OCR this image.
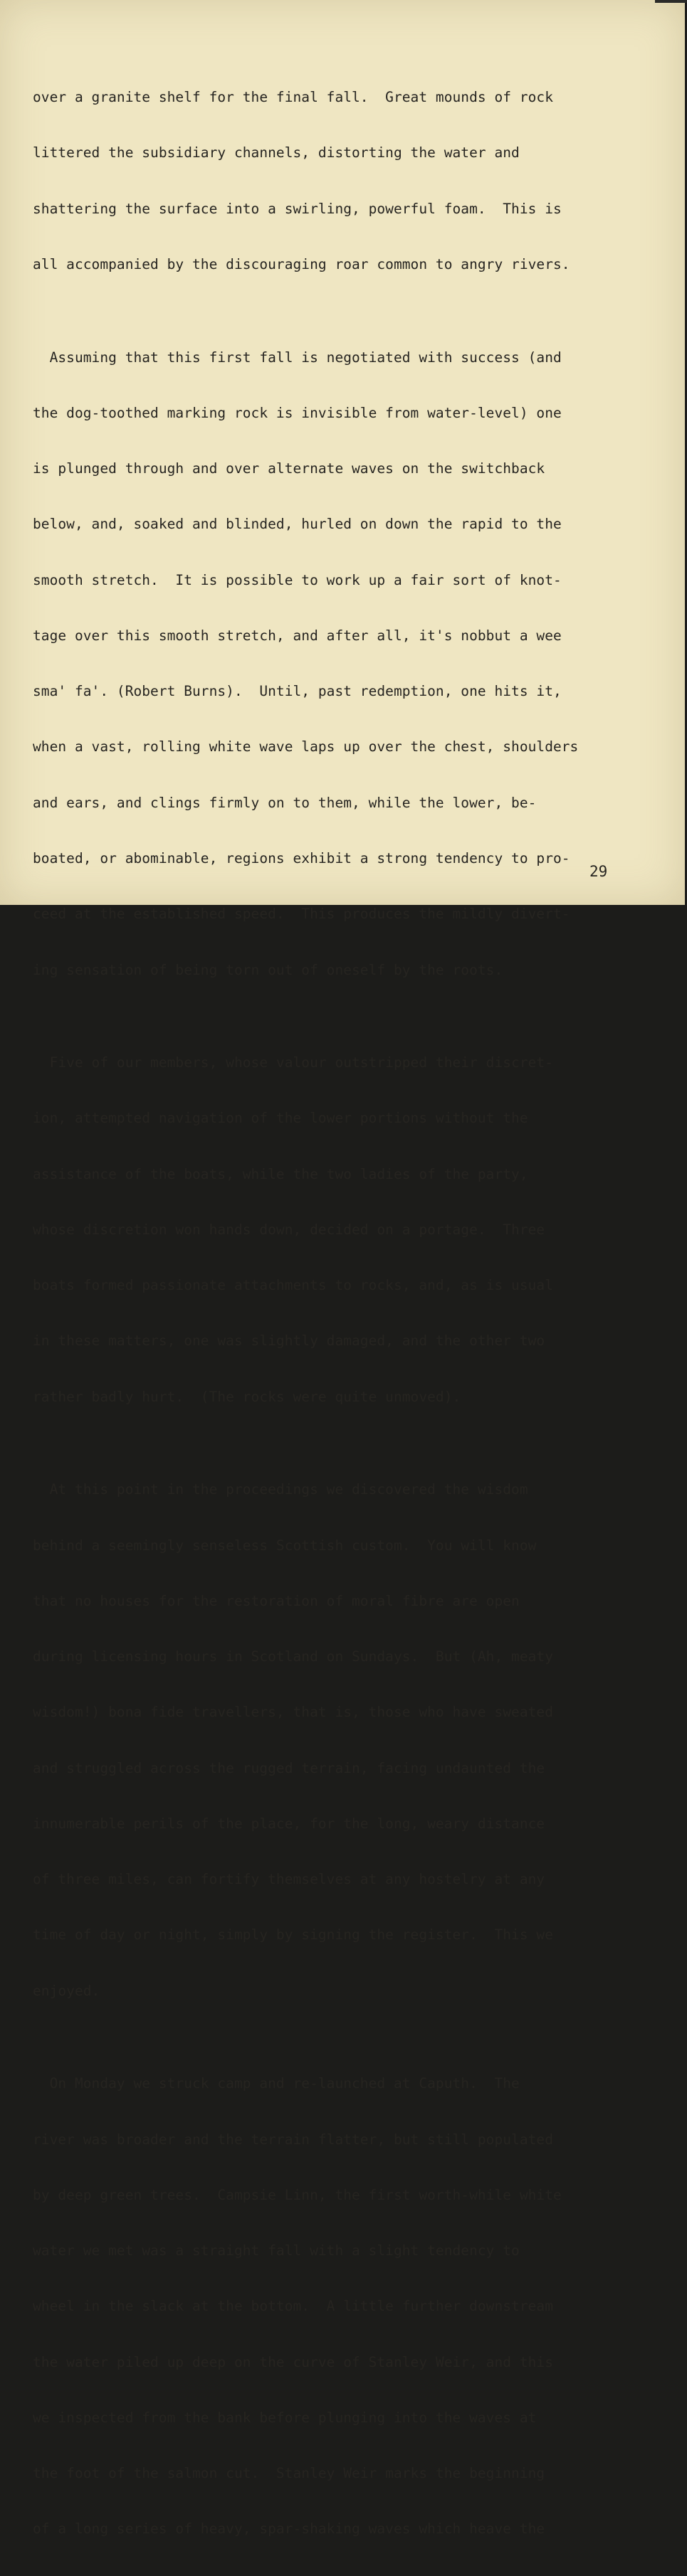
over a granite shelf for the final fall.  Great mounds of rock

littered the subsidiary channels, distorting the water and

shattering the surface into a swirling, powerful foam.  This is

all accompanied by the discouraging roar common to angry rivers.

Assuming that this first fall is negotiated with success (and

the dog-toothed marking rock is invisible from water-level) one

is plunged through and over alternate waves on the switchback

below, and, soaked and blinded, hurled on down the rapid to the

smooth stretch.  It is possible to work up a fair sort of knot-

tage over this smooth stretch, and after all, it's nobbut a wee

sma' fa'. (Robert Burns).  Until, past redemption, one hits it,

when a vast, rolling white wave laps up over the chest, shoulders

and ears, and clings firmly on to them, while the lower, be-

boated, or abominable, regions exhibit a strong tendency to pro-

ceed at the established speed.  This produces the mildly divert-

ing sensation of being torn out of oneself by the roots.

Five of our members, whose valour outstripped their discret-

ion, attempted navigation of the lower portions without the

assistance of the boats, while the two ladies of the party,

whose discretion won hands down, decided on a portage.  Three

boats formed passionate attachments to rocks, and, as is usual

in these matters, one was slightly damaged, and the other two

rather badly hurt.  (The rocks were quite unmoved).

At this point in the proceedings we discovered the wisdom

behind a seemingly senseless Scottish custom.  You will know

that no houses for the restoration of moral fibre are open

during licensing hours in Scotland on Sundays.  But (Ah, meaty

wisdom!) bona fide travellers, that is, those who have sweated

and struggled across the rugged terrain, facing undaunted the

innumerable perils of the place, for the long, weary distance

of three miles, can fortify themselves at any hostelry at any

time of day or night, simply by signing the register.  This we

enjoyed.

On Monday we struck camp and re-launched at Caputh.  The

river was broader and the terrain flatter, but still populated

by deep green trees.  Campsie Linn, the first worth-while white

water we met was a straight fall with a slight tendency to

wheel in the slack at the bottom.  A little further downstream

the water piled up deep on the curve of Stanley Weir, and this

we inspected from the bank before plunging into the waves at

the foot of the salmon cut.  Stanley Weir marks the beginning

of a long series of heavy, spar-shaking waves which heave the

29
